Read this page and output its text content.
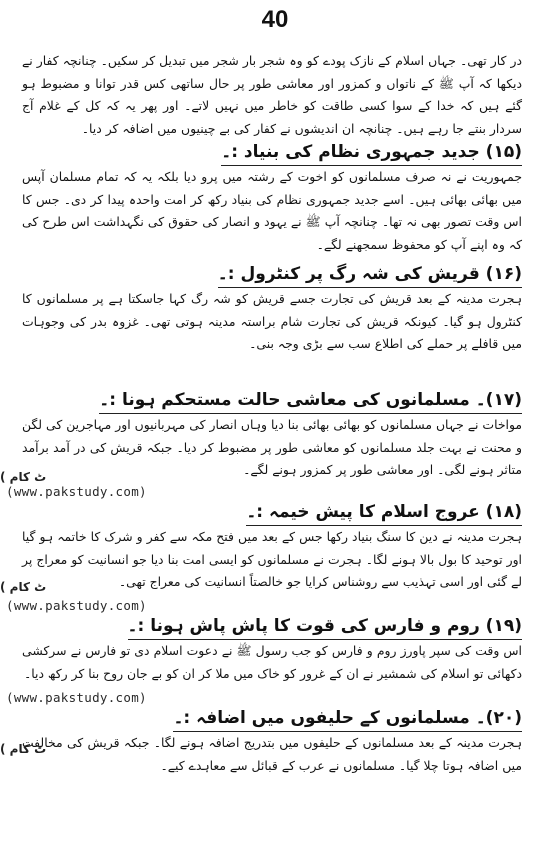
40

در کار تھی۔ جہاں اسلام کے نازک پودے کو وہ شجر بار شجر میں تبدیل کر سکیں۔ چنانچہ کفار نے دیکھا کہ آپ ﷺ کے ناتواں و کمزور اور معاشی طور پر حال ساتھی کس قدر توانا و مضبوط ہو گئے ہیں کہ خدا کے سوا کسی طاقت کو خاطر میں نہیں لاتے۔ اور پھر یہ کہ کل کے غلام آج سردار بنتے جا رہے ہیں۔ چنانچہ ان اندیشوں نے کفار کی بے چینیوں میں اضافہ کر دیا۔

(۱۵) جدید جمہوری نظام کی بنیاد :۔

جمہوریت نے نہ صرف مسلمانوں کو اخوت کے رشتہ میں پرو دیا بلکہ یہ کہ تمام مسلمان آپس میں بھائی بھائی ہیں۔ اسے جدید جمہوری نظام کی بنیاد رکھ کر امت واحدہ پیدا کر دی۔ جس کا اس وقت تصور بھی نہ تھا۔ چنانچہ آپ ﷺ نے یہود و انصار کی حقوق کی نگہداشت اس طرح کی کہ وہ اپنے آپ کو محفوظ سمجھنے لگے۔

(۱۶) قریش کی شہ رگ پر کنٹرول :۔

ہجرت مدینہ کے بعد قریش کی تجارت جسے قریش کو شہ رگ کہا جاسکتا ہے پر مسلمانوں کا کنٹرول ہو گیا۔ کیونکہ قریش کی تجارت شام براستہ مدینہ ہوتی تھی۔ غزوہ بدر کی وجوہات میں قافلے پر حملے کی اطلاع سب سے بڑی وجہ بنی۔

(۱۷)۔ مسلمانوں کی معاشی حالت مستحکم ہونا :۔

مواخات نے جہاں مسلمانوں کو بھائی بھائی بنا دیا وہاں انصار کی مہربانیوں اور مہاجرین کی لگن و محنت نے بہت جلد مسلمانوں کو معاشی طور پر مضبوط کر دیا۔ جبکہ قریش کی در آمد برآمد متاثر ہونے لگی۔ اور معاشی طور پر کمزور ہونے لگے۔

(۱۸) عروج اسلام کا پیش خیمہ :۔

ہجرت مدینہ نے دین کا سنگ بنیاد رکھا جس کے بعد میں فتح مکہ سے کفر و شرک کا خاتمہ ہو گیا اور توحید کا بول بالا ہونے لگا۔ ہجرت نے مسلمانوں کو ایسی امت بنا دیا جو انسانیت کو معراج پر لے گئی اور اسی تہذیب سے روشناس کرایا جو خالصتاً انسانیت کی معراج تھی۔

(۱۹) روم و فارس کی قوت کا پاش پاش ہونا :۔

اس وقت کی سپر پاورز روم و فارس کو جب رسول ﷺ نے دعوت اسلام دی تو فارس نے سرکشی دکھائی تو اسلام کی شمشیر نے ان کے غرور کو خاک میں ملا کر ان کو بے جان روح بنا کر رکھ دیا۔

(۲۰)۔ مسلمانوں کے حلیفوں میں اضافہ :۔

ہجرت مدینہ کے بعد مسلمانوں کے حلیفوں میں بتدریج اضافہ ہونے لگا۔ جبکہ قریش کی مخالفت میں اضافہ ہوتا چلا گیا۔ مسلمانوں نے عرب کے قبائل سے معاہدے کیے۔

ٹ کام )
(www.pakstudy.com)
ٹ کام )
(www.pakstudy.com)
(www.pakstudy.com)
ٹ کام )
